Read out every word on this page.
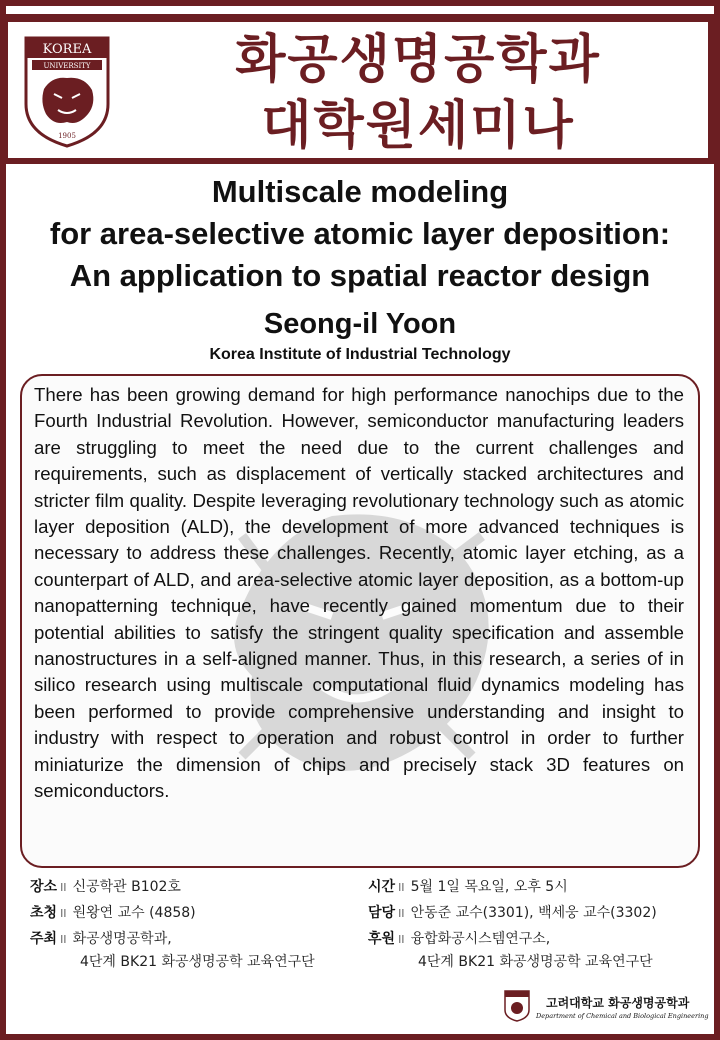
KOREA
UNIVERSITY
1905
화공생명공학과
대학원세미나
Multiscale modeling
for area-selective atomic layer deposition:
An application to spatial reactor design
Seong-il Yoon
Korea Institute of Industrial Technology
There has been growing demand for high performance nanochips due to the Fourth Industrial Revolution. However, semiconductor manufacturing leaders are struggling to meet the need due to the current challenges and requirements, such as displacement of vertically stacked architectures and stricter film quality. Despite leveraging revolutionary technology such as atomic layer deposition (ALD), the development of more advanced techniques is necessary to address these challenges. Recently, atomic layer etching, as a counterpart of ALD, and area-selective atomic layer deposition, as a bottom-up nanopatterning technique, have recently gained momentum due to their potential abilities to satisfy the stringent quality specification and assemble nanostructures in a self-aligned manner. Thus, in this research, a series of in silico research using multiscale computational fluid dynamics modeling has been performed to provide comprehensive understanding and insight to industry with respect to operation and robust control in order to further miniaturize the dimension of chips and precisely stack 3D features on semiconductors.
장소 II 신공학관 B102호	시간 II 5월 1일 목요일, 오후 5시
초청 II 원왕연 교수 (4858)	담당 II 안동준 교수(3301), 백세웅 교수(3302)
주최 II 화공생명공학과,
4단계 BK21 화공생명공학 교육연구단
후원 II 융합화공시스템연구소,
4단계 BK21 화공생명공학 교육연구단
고려대학교 화공생명공학과
Department of Chemical and Biological Engineering
